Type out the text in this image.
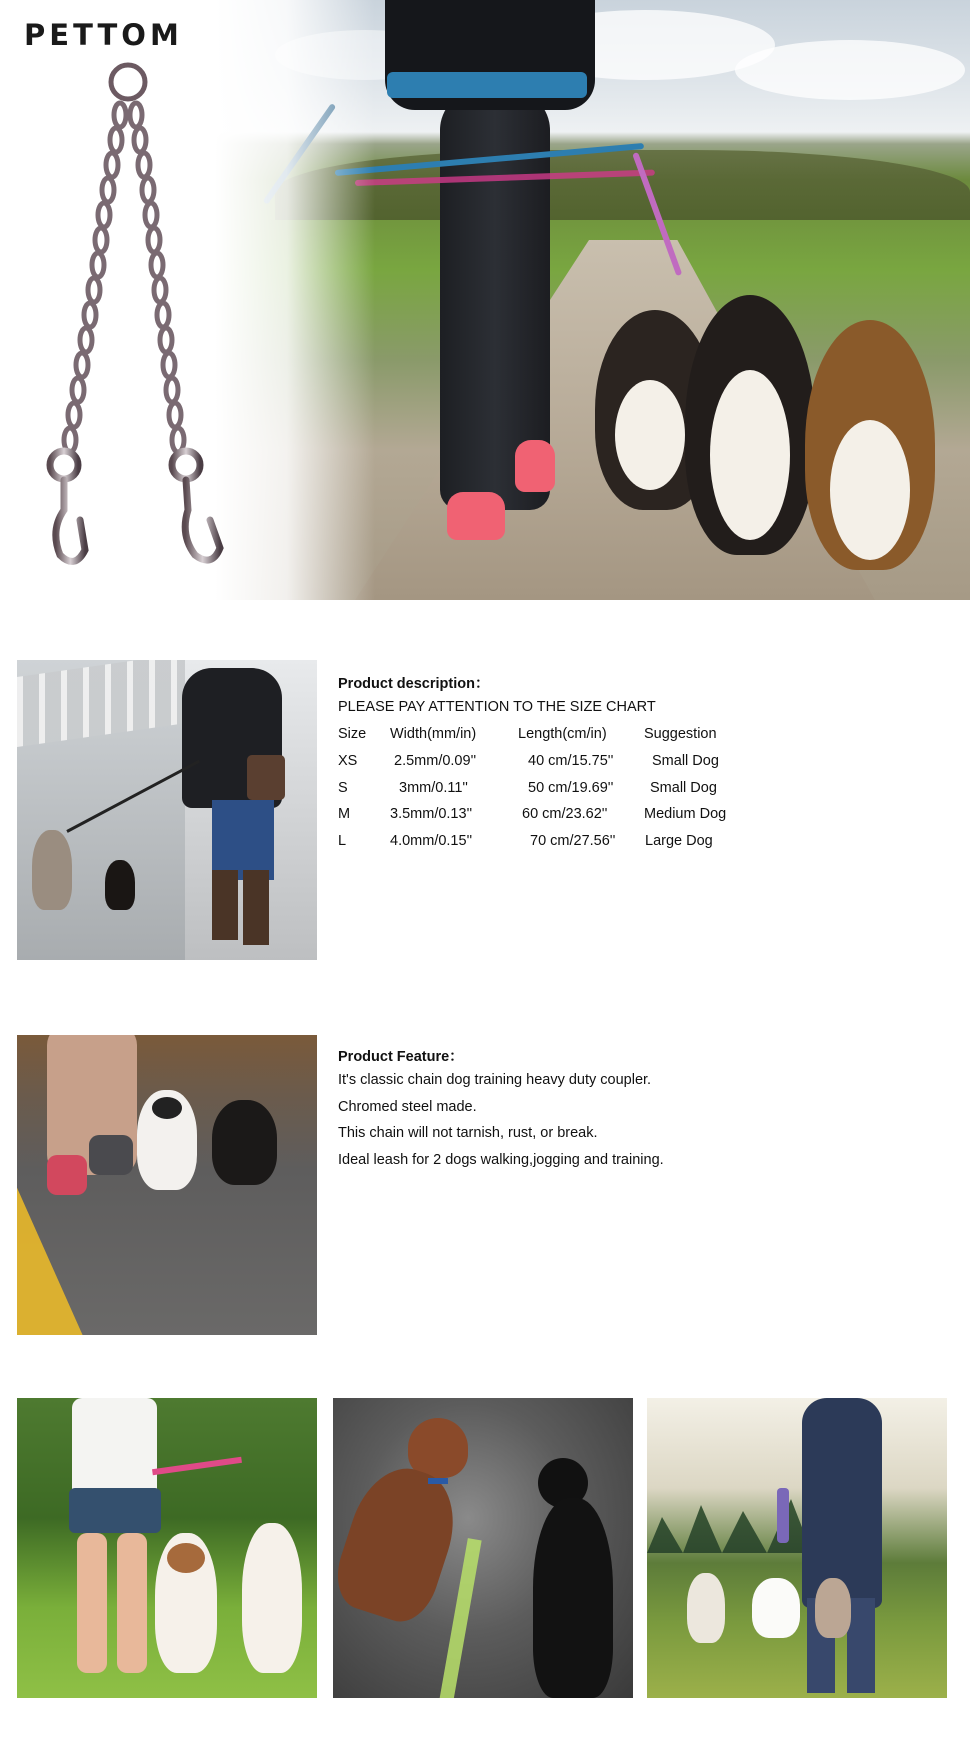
PETTOM
Product description：
PLEASE PAY ATTENTION TO THE SIZE CHART
Size	Width(mm/in)	Length(cm/in)	Suggestion
XS	2.5mm/0.09''	40 cm/15.75''	Small Dog
S	3mm/0.11''	50 cm/19.69''	Small Dog
M	3.5mm/0.13''	60 cm/23.62''	Medium Dog
L	4.0mm/0.15''	70 cm/27.56''	Large Dog
Product Feature：
It's classic chain dog training heavy duty coupler.
Chromed steel made.
This chain will not tarnish, rust, or break.
Ideal leash for 2 dogs walking,jogging and training.
